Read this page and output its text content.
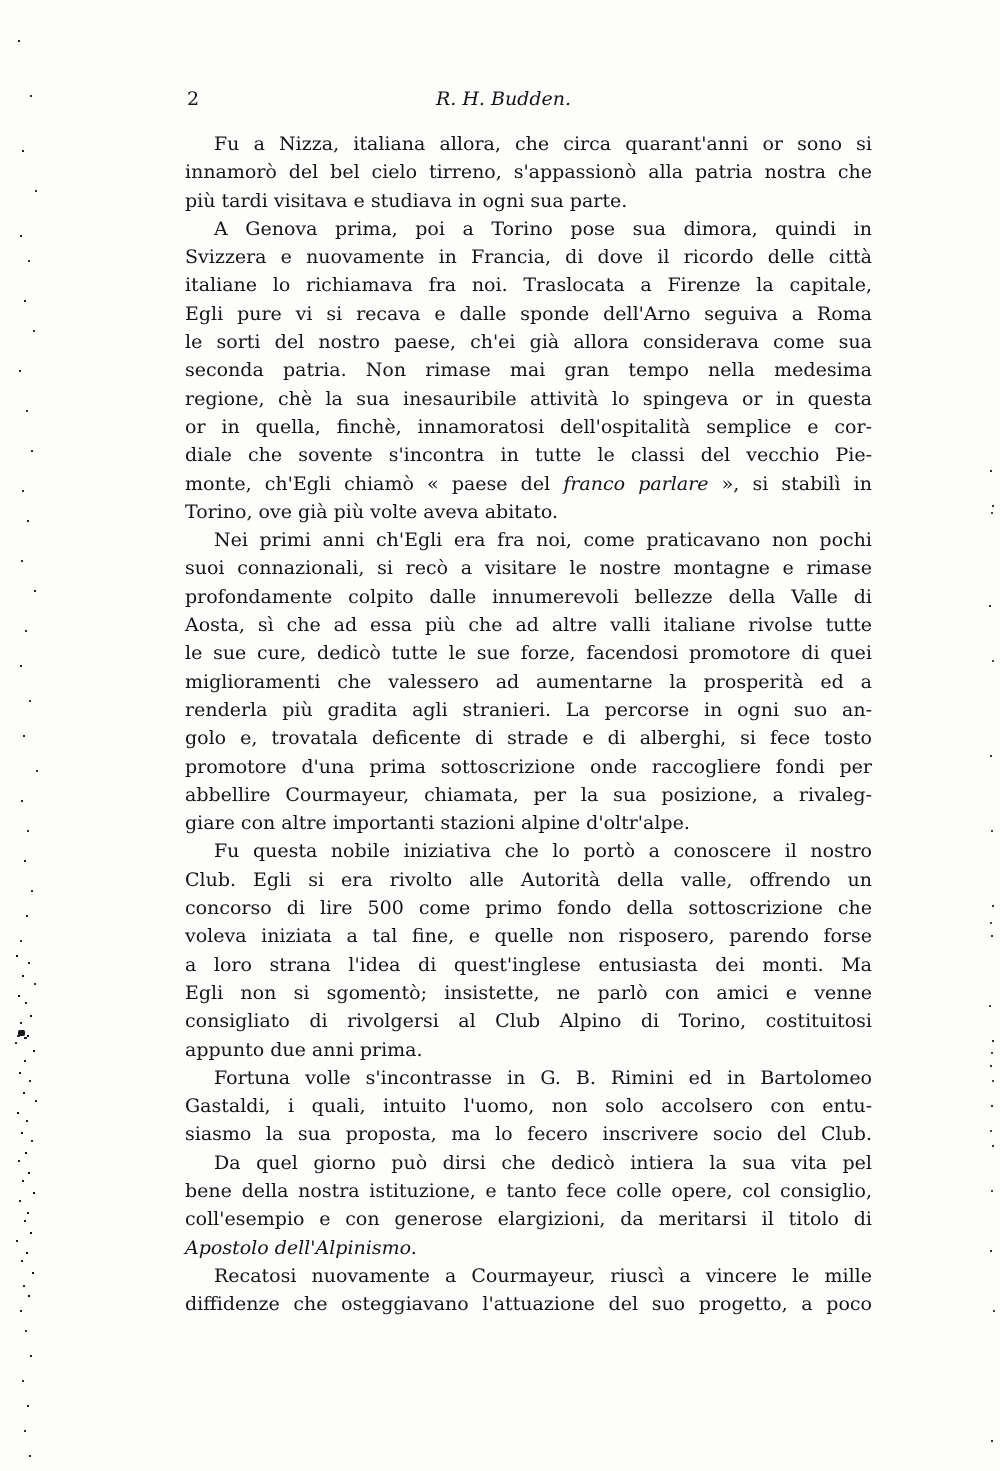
2	R. H. Budden.
Fu a Nizza, italiana allora, che circa quarant'anni or sono si
innamorò del bel cielo tirreno, s'appassionò alla patria nostra che
più tardi visitava e studiava in ogni sua parte.
A Genova prima, poi a Torino pose sua dimora, quindi in
Svizzera e nuovamente in Francia, di dove il ricordo delle città
italiane lo richiamava fra noi. Traslocata a Firenze la capitale,
Egli pure vi si recava e dalle sponde dell'Arno seguiva a Roma
le sorti del nostro paese, ch'ei già allora considerava come sua
seconda patria. Non rimase mai gran tempo nella medesima
regione, chè la sua inesauribile attività lo spingeva or in questa
or in quella, finchè, innamoratosi dell'ospitalità semplice e cor-
diale che sovente s'incontra in tutte le classi del vecchio Pie-
monte, ch'Egli chiamò « paese del franco parlare », si stabilì in
Torino, ove già più volte aveva abitato.
Nei primi anni ch'Egli era fra noi, come praticavano non pochi
suoi connazionali, si recò a visitare le nostre montagne e rimase
profondamente colpito dalle innumerevoli bellezze della Valle di
Aosta, sì che ad essa più che ad altre valli italiane rivolse tutte
le sue cure, dedicò tutte le sue forze, facendosi promotore di quei
miglioramenti che valessero ad aumentarne la prosperità ed a
renderla più gradita agli stranieri. La percorse in ogni suo an-
golo e, trovatala deficente di strade e di alberghi, si fece tosto
promotore d'una prima sottoscrizione onde raccogliere fondi per
abbellire Courmayeur, chiamata, per la sua posizione, a rivaleg-
giare con altre importanti stazioni alpine d'oltr'alpe.
Fu questa nobile iniziativa che lo portò a conoscere il nostro
Club. Egli si era rivolto alle Autorità della valle, offrendo un
concorso di lire 500 come primo fondo della sottoscrizione che
voleva iniziata a tal fine, e quelle non risposero, parendo forse
a loro strana l'idea di quest'inglese entusiasta dei monti. Ma
Egli non si sgomentò; insistette, ne parlò con amici e venne
consigliato di rivolgersi al Club Alpino di Torino, costituitosi
appunto due anni prima.
Fortuna volle s'incontrasse in G. B. Rimini ed in Bartolomeo
Gastaldi, i quali, intuito l'uomo, non solo accolsero con entu-
siasmo la sua proposta, ma lo fecero inscrivere socio del Club.
Da quel giorno può dirsi che dedicò intiera la sua vita pel
bene della nostra istituzione, e tanto fece colle opere, col consiglio,
coll'esempio e con generose elargizioni, da meritarsi il titolo di
Apostolo dell'Alpinismo.
Recatosi nuovamente a Courmayeur, riuscì a vincere le mille
diffidenze che osteggiavano l'attuazione del suo progetto, a poco
